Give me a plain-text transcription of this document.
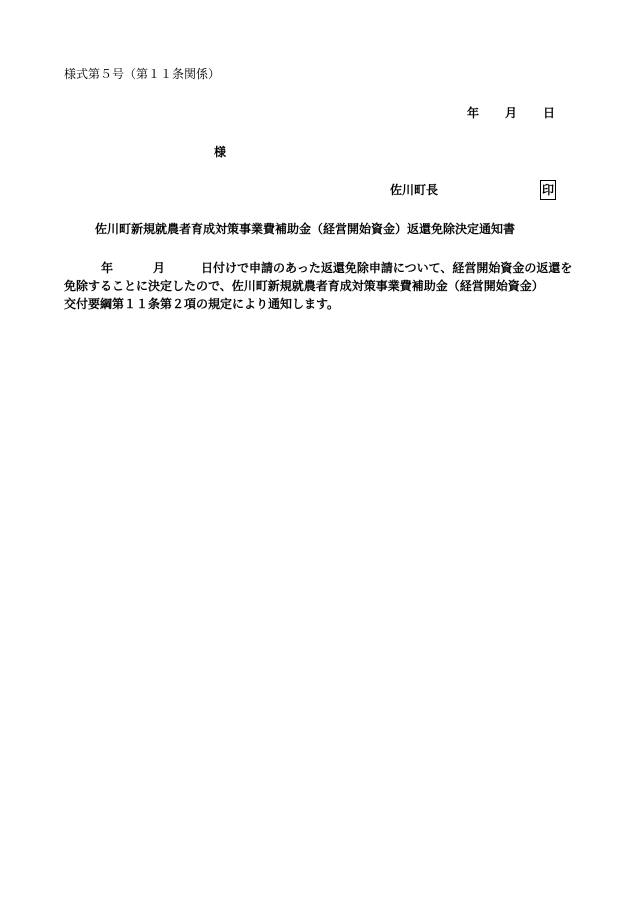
様式第５号（第１１条関係）
年 月 日
様
佐川町長	印
佐川町新規就農者育成対策事業費補助金（経営開始資金）返還免除決定通知書
年	月	日付けで申請のあった返還免除申請について、経営開始資金の返還を
免除することに決定したので、佐川町新規就農者育成対策事業費補助金（経営開始資金）
交付要綱第１１条第２項の規定により通知します。
